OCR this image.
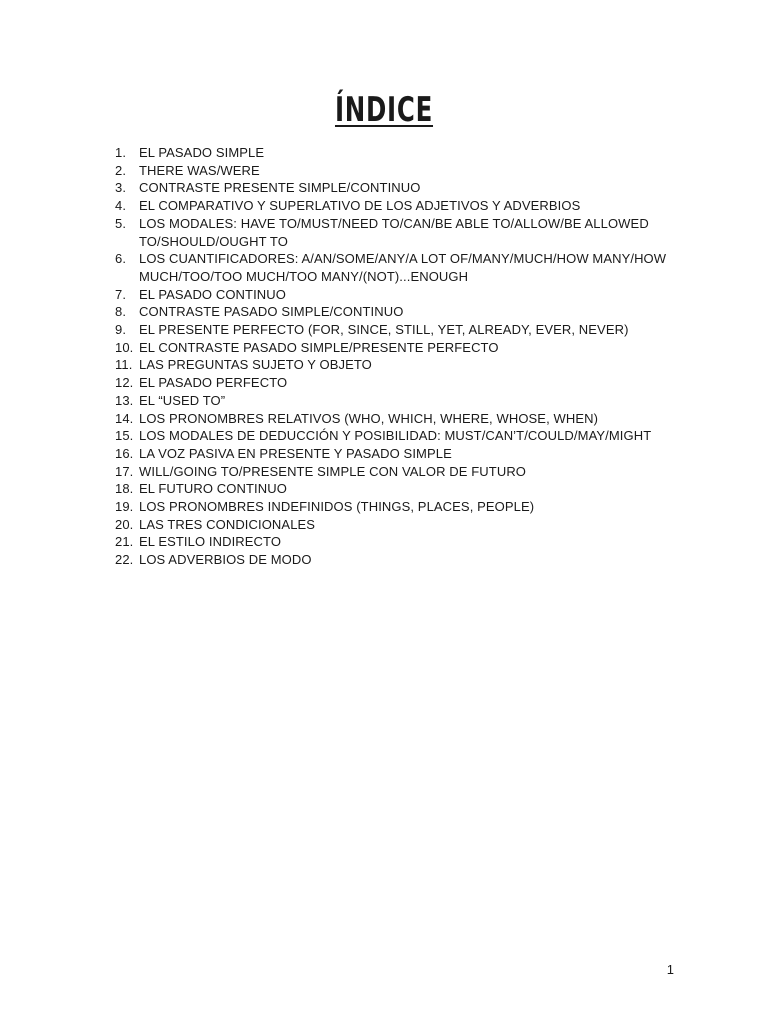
ÍNDICE
1. EL PASADO SIMPLE
2. THERE WAS/WERE
3. CONTRASTE PRESENTE SIMPLE/CONTINUO
4. EL COMPARATIVO Y SUPERLATIVO DE LOS ADJETIVOS Y ADVERBIOS
5. LOS MODALES: HAVE TO/MUST/NEED TO/CAN/BE ABLE TO/ALLOW/BE ALLOWED TO/SHOULD/OUGHT TO
6. LOS CUANTIFICADORES: A/AN/SOME/ANY/A LOT OF/MANY/MUCH/HOW MANY/HOW MUCH/TOO/TOO MUCH/TOO MANY/(NOT)...ENOUGH
7. EL PASADO CONTINUO
8. CONTRASTE PASADO SIMPLE/CONTINUO
9. EL PRESENTE PERFECTO (FOR, SINCE, STILL, YET, ALREADY, EVER, NEVER)
10. EL CONTRASTE PASADO SIMPLE/PRESENTE PERFECTO
11. LAS PREGUNTAS SUJETO Y OBJETO
12. EL PASADO PERFECTO
13. EL “USED TO”
14. LOS PRONOMBRES RELATIVOS (WHO, WHICH, WHERE, WHOSE, WHEN)
15. LOS MODALES DE DEDUCCIÓN Y POSIBILIDAD: MUST/CAN’T/COULD/MAY/MIGHT
16. LA VOZ PASIVA EN PRESENTE Y PASADO SIMPLE
17. WILL/GOING TO/PRESENTE SIMPLE CON VALOR DE FUTURO
18. EL FUTURO CONTINUO
19. LOS PRONOMBRES INDEFINIDOS (THINGS, PLACES, PEOPLE)
20. LAS TRES CONDICIONALES
21. EL ESTILO INDIRECTO
22. LOS ADVERBIOS DE MODO
1
